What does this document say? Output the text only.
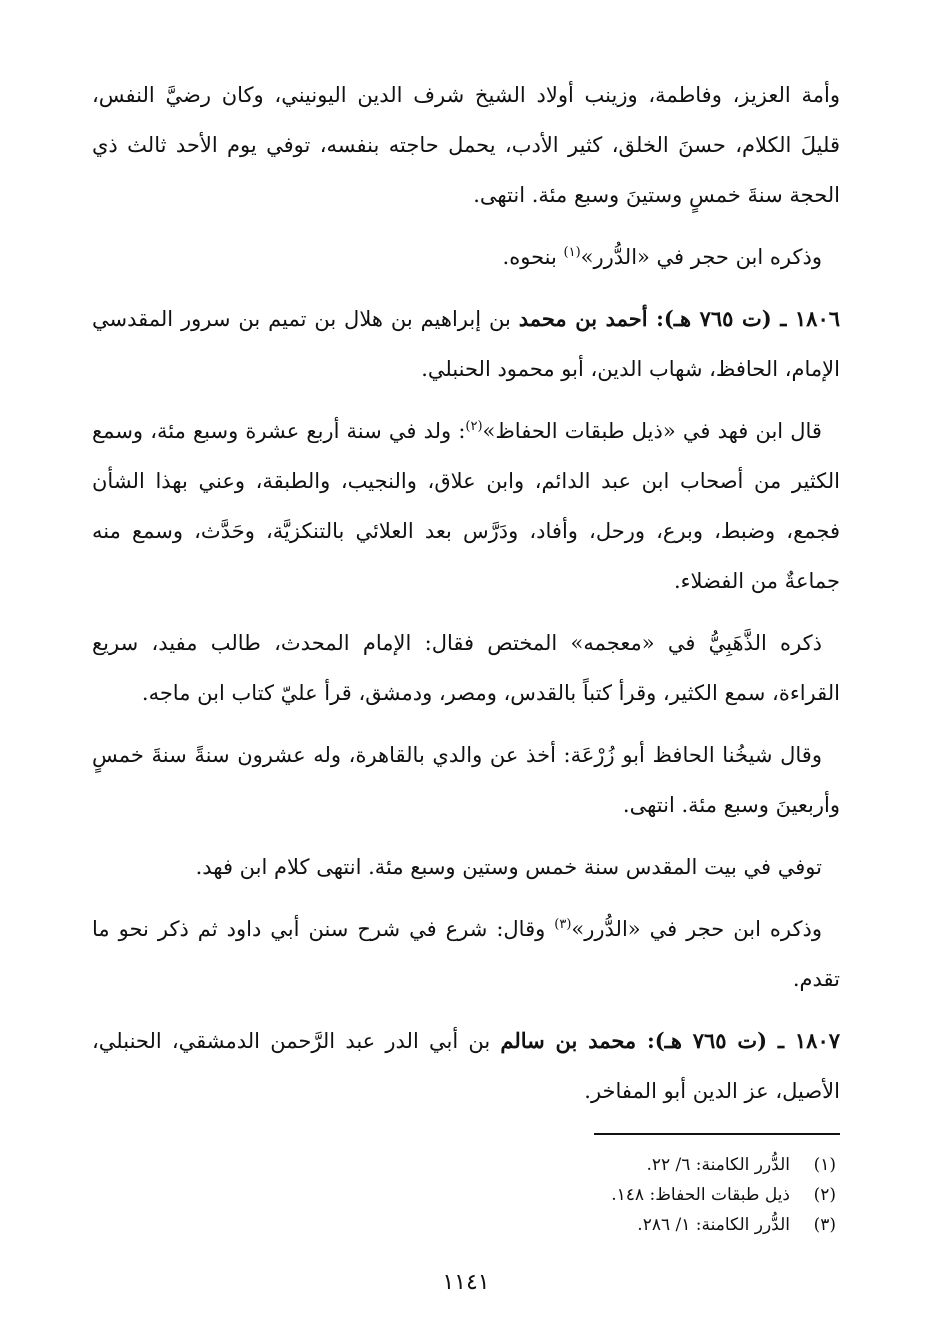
وأمة العزيز، وفاطمة، وزينب أولاد الشيخ شرف الدين اليونيني، وكان رضيَّ النفس، قليلَ الكلام، حسنَ الخلق، كثير الأدب، يحمل حاجته بنفسه، توفي يوم الأحد ثالث ذي الحجة سنةَ خمسٍ وستينَ وسبع مئة. انتهى.

وذكره ابن حجر في «الدُّرر»$^{(١)}$ بنحوه.

١٨٠٦ ـ (ت ٧٦٥ هـ): أحمد بن محمد بن إبراهيم بن هلال بن تميم بن سرور المقدسي الإمام، الحافظ، شهاب الدين، أبو محمود الحنبلي.

قال ابن فهد في «ذيل طبقات الحفاظ»$^{(٢)}$: ولد في سنة أربع عشرة وسبع مئة، وسمع الكثير من أصحاب ابن عبد الدائم، وابن علاق، والنجيب، والطبقة، وعني بهذا الشأن فجمع، وضبط، وبرع، ورحل، وأفاد، ودَرَّس بعد العلائي بالتنكزيَّة، وحَدَّث، وسمع منه جماعةٌ من الفضلاء.

ذكره الذَّهَبِيُّ في «معجمه» المختص فقال: الإمام المحدث، طالب مفيد، سريع القراءة، سمع الكثير، وقرأ كتباً بالقدس، ومصر، ودمشق، قرأ عليّ كتاب ابن ماجه.

وقال شيخُنا الحافظ أبو زُرْعَة: أخذ عن والدي بالقاهرة، وله عشرون سنةً سنةَ خمسٍ وأربعينَ وسبع مئة. انتهى.

توفي في بيت المقدس سنة خمس وستين وسبع مئة. انتهى كلام ابن فهد.

وذكره ابن حجر في «الدُّرر»$^{(٣)}$ وقال: شرع في شرح سنن أبي داود ثم ذكر نحو ما تقدم.

١٨٠٧ ـ (ت ٧٦٥ هـ): محمد بن سالم بن أبي الدر عبد الرَّحمن الدمشقي، الحنبلي، الأصيل، عز الدين أبو المفاخر.

(١)
الدُّرر الكامنة: ٦/ ٢٢.
(٢)
ذيل طبقات الحفاظ: ١٤٨.
(٣)
الدُّرر الكامنة: ١/ ٢٨٦.
١١٤١
